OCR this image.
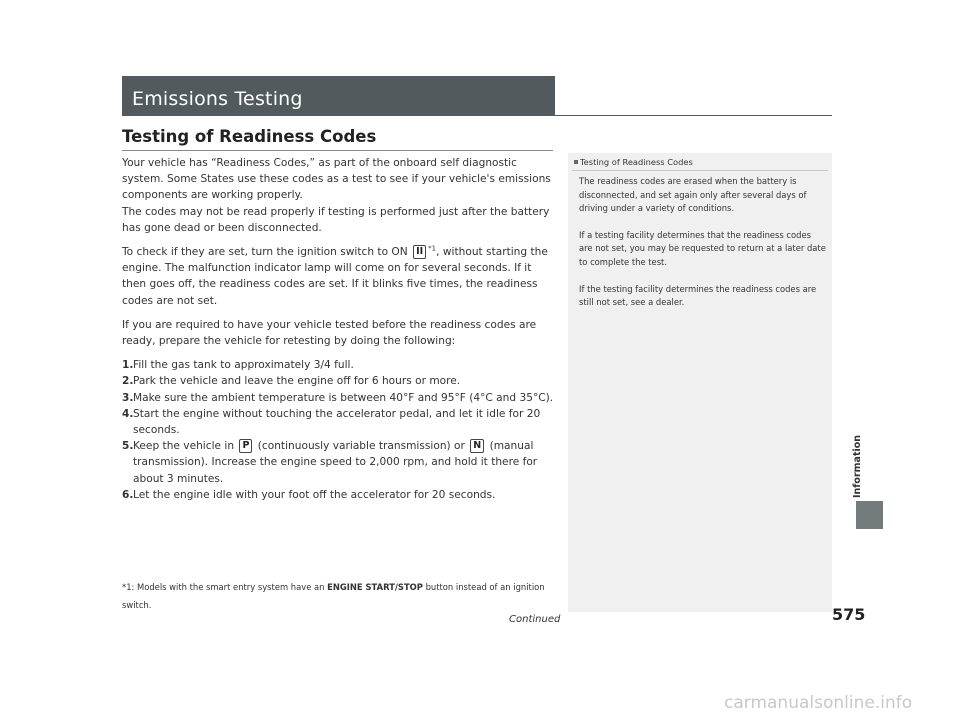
Emissions Testing
Testing of Readiness Codes

Your vehicle has “Readiness Codes,” as part of the onboard self diagnostic system. Some States use these codes as a test to see if your vehicle's emissions components are working properly.

The codes may not be read properly if testing is performed just after the battery has gone dead or been disconnected.

To check if they are set, turn the ignition switch to ON II $^{*1}$, without starting the engine. The malfunction indicator lamp will come on for several seconds. If it then goes off, the readiness codes are set. If it blinks five times, the readiness codes are not set.

If you are required to have your vehicle tested before the readiness codes are ready, prepare the vehicle for retesting by doing the following:

1. Fill the gas tank to approximately 3/4 full.
2. Park the vehicle and leave the engine off for 6 hours or more.
3. Make sure the ambient temperature is between 40°F and 95°F (4°C and 35°C).
4. Start the engine without touching the accelerator pedal, and let it idle for 20 seconds.
5. Keep the vehicle in P (continuously variable transmission) or N (manual transmission). Increase the engine speed to 2,000 rpm, and hold it there for about 3 minutes.
6. Let the engine idle with your foot off the accelerator for 20 seconds.
*1: Models with the smart entry system have an ENGINE START/STOP button instead of an ignition switch.
Testing of Readiness Codes

The readiness codes are erased when the battery is disconnected, and set again only after several days of driving under a variety of conditions.

If a testing facility determines that the readiness codes are not set, you may be requested to return at a later date to complete the test.

If the testing facility determines the readiness codes are still not set, see a dealer.

Information
575
Continued
carmanualsonline.info
